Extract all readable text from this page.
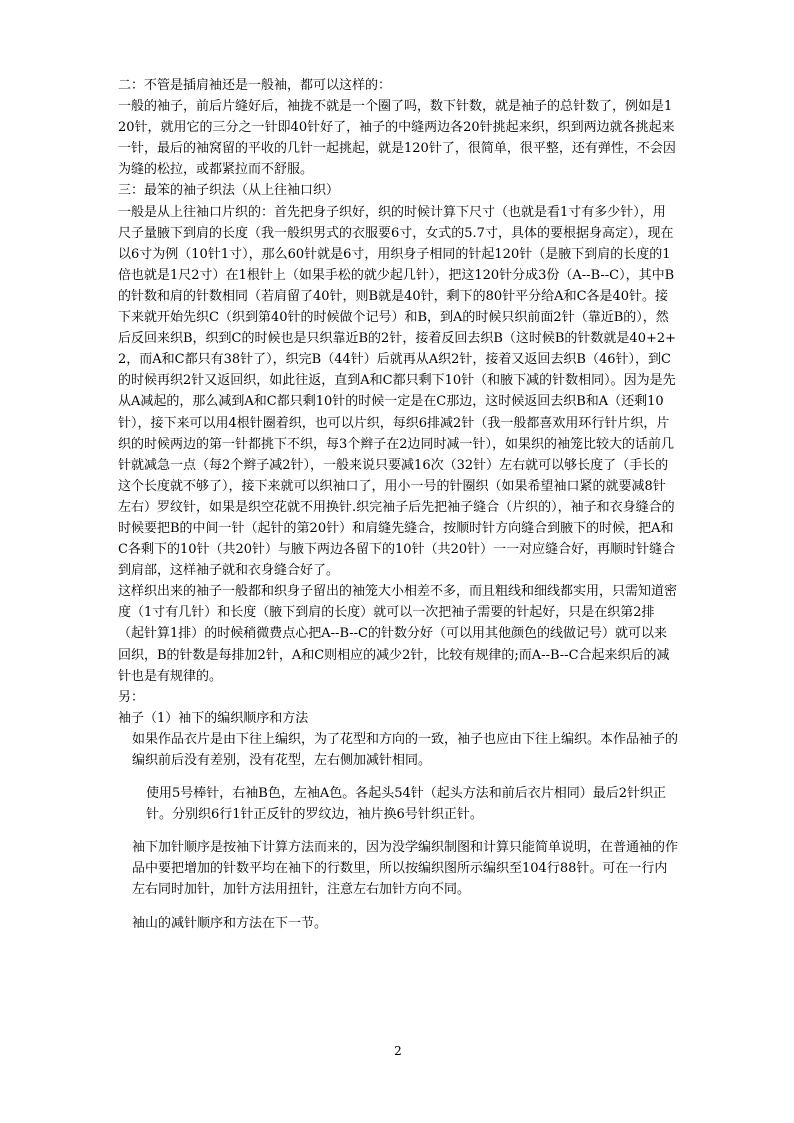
二：不管是插肩袖还是一般袖，都可以这样的：

一般的袖子，前后片缝好后，袖拢不就是一个圈了吗，数下针数，就是袖子的总针数了，例如是120针，就用它的三分之一针即40针好了，袖子的中缝两边各20针挑起来织，织到两边就各挑起来一针，最后的袖窝留的平收的几针一起挑起，就是120针了，很简单，很平整，还有弹性，不会因为缝的松拉，或都紧拉而不舒服。

三：最笨的袖子织法（从上往袖口织）

一般是从上往袖口片织的：首先把身子织好，织的时候计算下尺寸（也就是看1寸有多少针），用尺子量腋下到肩的长度（我一般织男式的衣服要6寸，女式的5.7寸，具体的要根据身高定），现在以6寸为例（10针1寸），那么60针就是6寸，用织身子相同的针起120针（是腋下到肩的长度的1倍也就是1尺2寸）在1根针上（如果手松的就少起几针），把这120针分成3份（A--B--C），其中B的针数和肩的针数相同（若肩留了40针，则B就是40针，剩下的80针平分给A和C各是40针。接下来就开始先织C（织到第40针的时候做个记号）和B，到A的时候只织前面2针（靠近B的），然后反回来织B，织到C的时候也是只织靠近B的2针，接着反回去织B（这时候B的针数就是40+2+2，而A和C都只有38针了），织完B（44针）后就再从A织2针，接着又返回去织B（46针），到C的时候再织2针又返回织，如此往返，直到A和C都只剩下10针（和腋下减的针数相同）。因为是先从A减起的，那么减到A和C都只剩10针的时候一定是在C那边，这时候返回去织B和A（还剩10针），接下来可以用4根针圈着织，也可以片织，每织6排减2针（我一般都喜欢用环行针片织，片织的时候两边的第一针都挑下不织，每3个辫子在2边同时减一针），如果织的袖笼比较大的话前几针就减急一点（每2个辫子减2针），一般来说只要减16次（32针）左右就可以够长度了（手长的这个长度就不够了），接下来就可以织袖口了，用小一号的针圈织（如果希望袖口紧的就要减8针左右）罗纹针，如果是织空花就不用换针.织完袖子后先把袖子缝合（片织的），袖子和衣身缝合的时候要把B的中间一针（起针的第20针）和肩缝先缝合，按顺时针方向缝合到腋下的时候，把A和C各剩下的10针（共20针）与腋下两边各留下的10针（共20针）一一对应缝合好，再顺时针缝合到肩部，这样袖子就和衣身缝合好了。

这样织出来的袖子一般都和织身子留出的袖笼大小相差不多，而且粗线和细线都实用，只需知道密度（1寸有几针）和长度（腋下到肩的长度）就可以一次把袖子需要的针起好，只是在织第2排（起针算1排）的时候稍微费点心把A--B--C的针数分好（可以用其他颜色的线做记号）就可以来回织，B的针数是每排加2针，A和C则相应的减少2针，比较有规律的;而A--B--C合起来织后的减针也是有规律的。

另：

袖子（1）袖下的编织顺序和方法

如果作品衣片是由下往上编织，为了花型和方向的一致，袖子也应由下往上编织。本作品袖子的编织前后没有差别，没有花型，左右侧加减针相同。

使用5号棒针，右袖B色，左袖A色。各起头54针（起头方法和前后衣片相同）最后2针织正针。分别织6行1针正反针的罗纹边，袖片换6号针织正针。

袖下加针顺序是按袖下计算方法而来的，因为没学编织制图和计算只能简单说明，在普通袖的作品中要把增加的针数平均在袖下的行数里，所以按编织图所示编织至104行88针。可在一行内左右同时加针，加针方法用扭针，注意左右加针方向不同。

袖山的减针顺序和方法在下一节。

2
